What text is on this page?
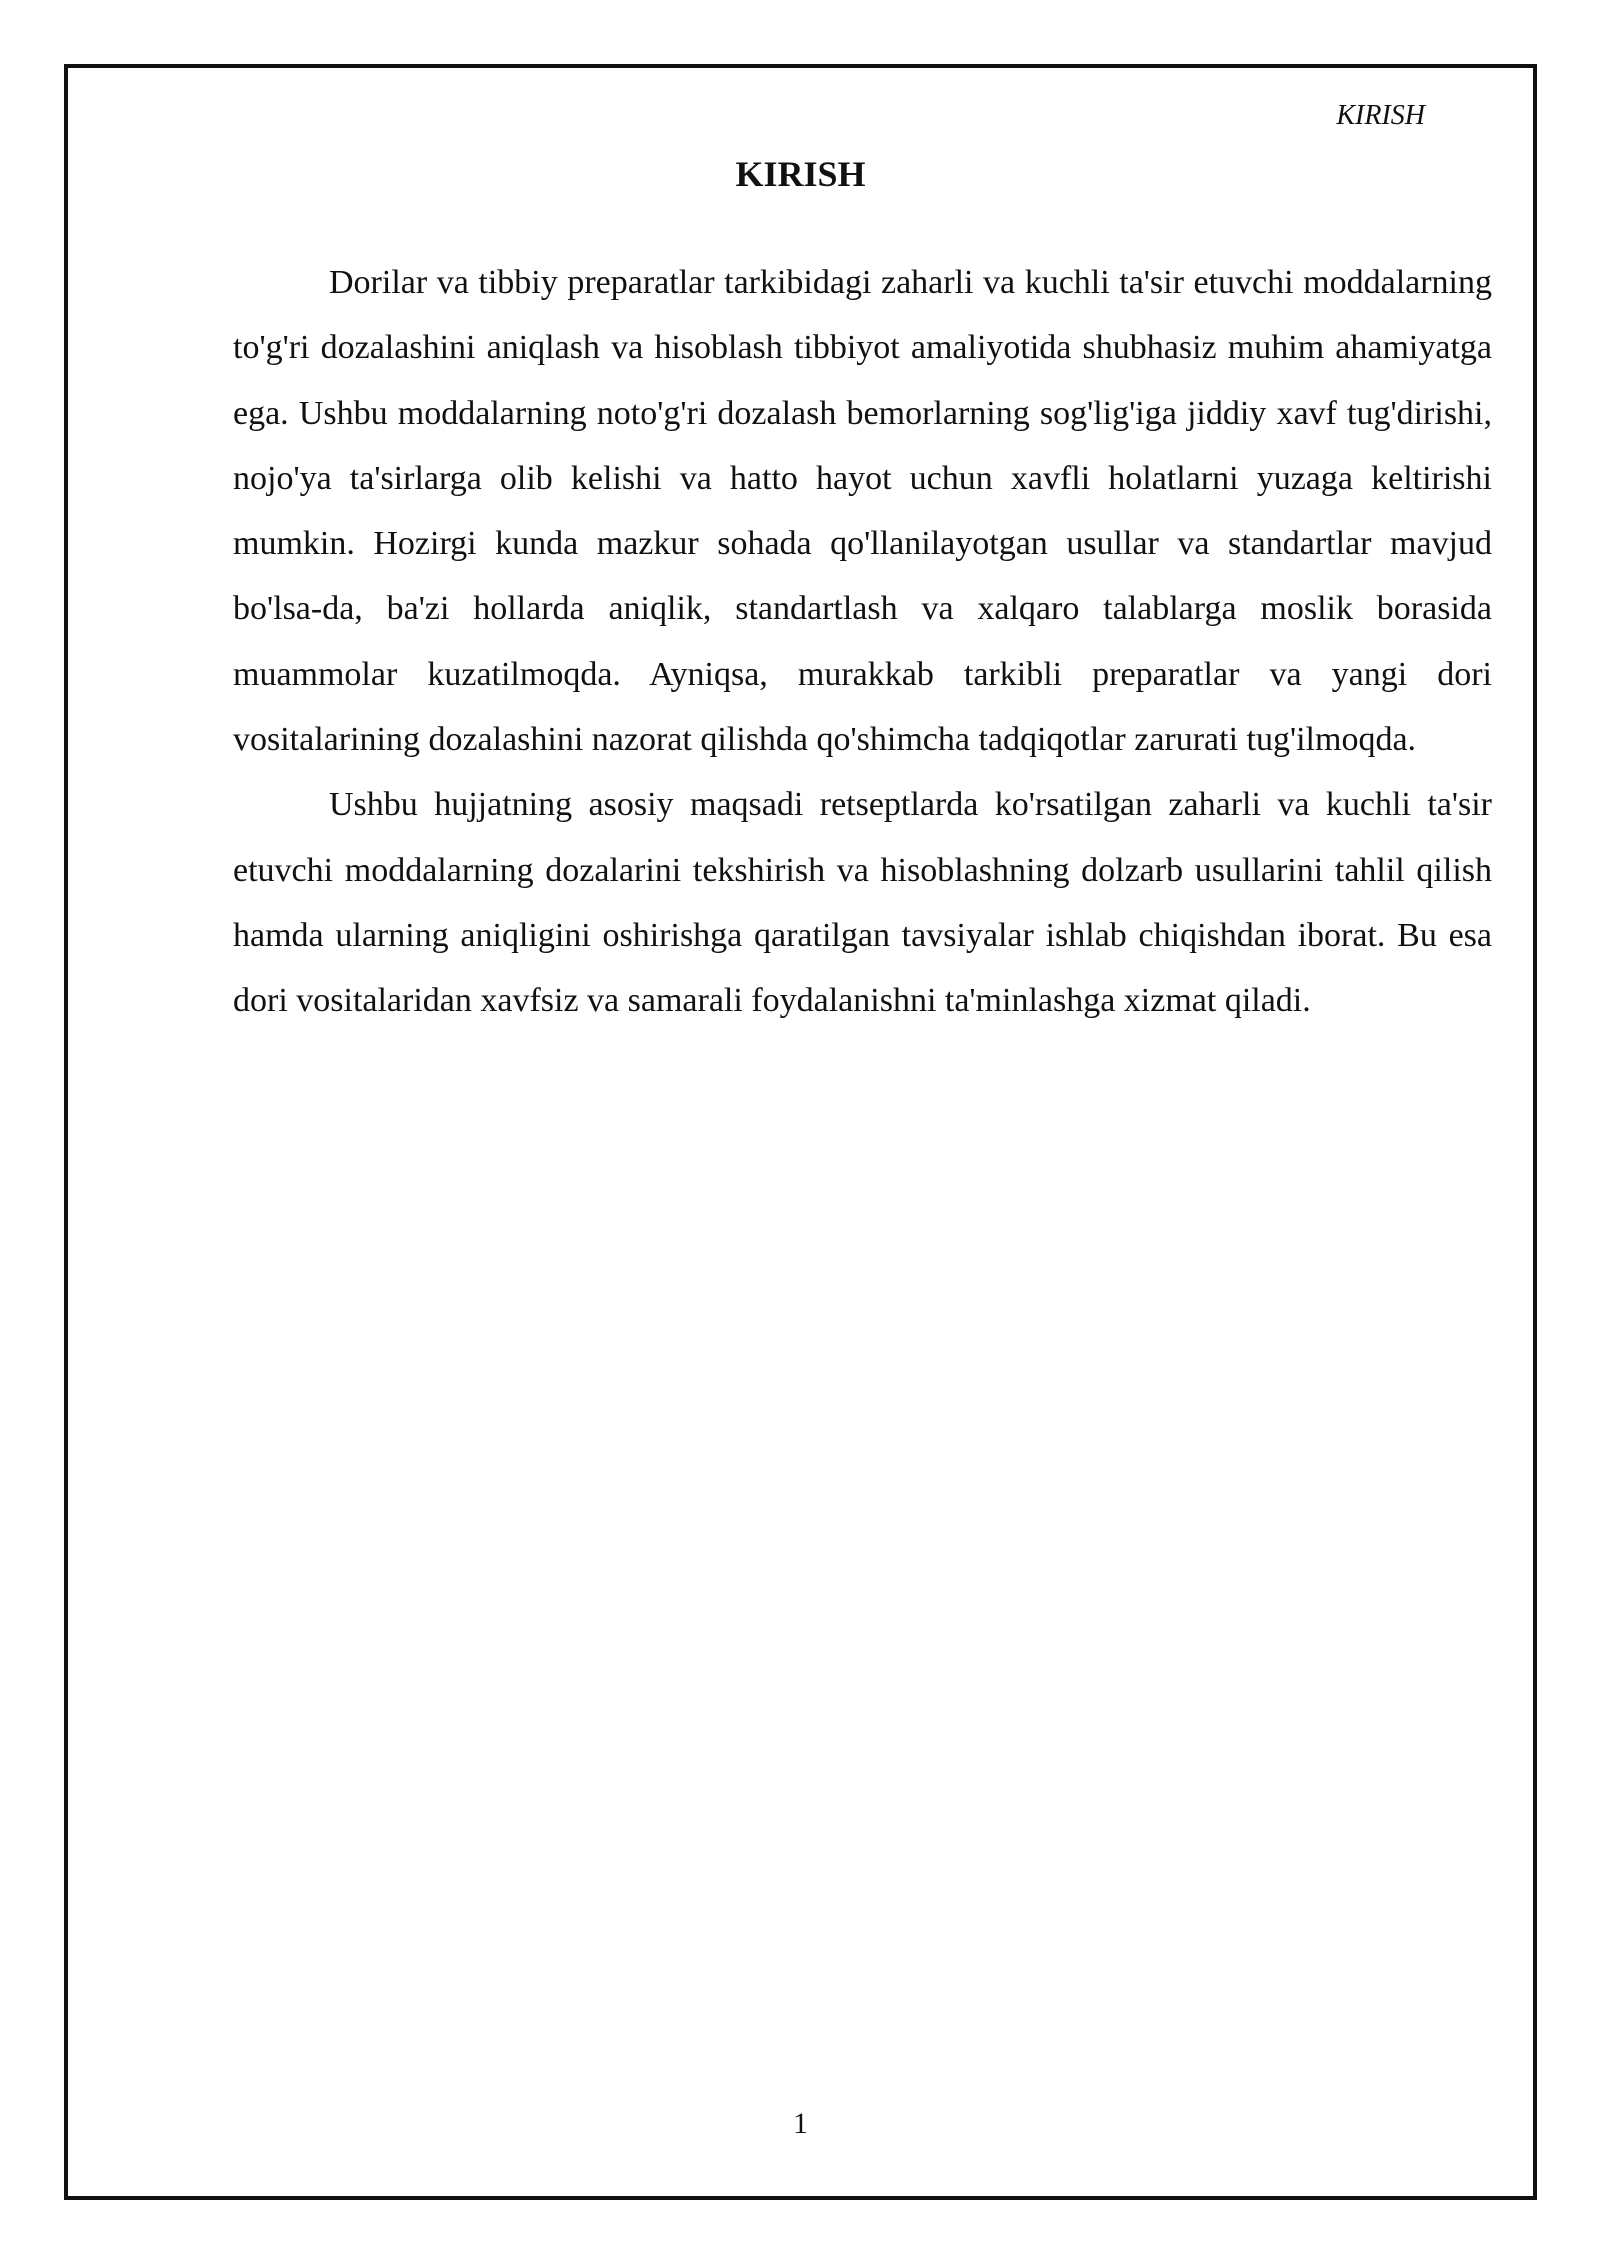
KIRISH
KIRISH

Dorilar va tibbiy preparatlar tarkibidagi zaharli va kuchli ta'sir etuvchi moddalarning to'g'ri dozalashini aniqlash va hisoblash tibbiyot amaliyotida shubhasiz muhim ahamiyatga ega. Ushbu moddalarning noto'g'ri dozalash bemorlarning sog'lig'iga jiddiy xavf tug'dirishi, nojo'ya ta'sirlarga olib kelishi va hatto hayot uchun xavfli holatlarni yuzaga keltirishi mumkin. Hozirgi kunda mazkur sohada qo'llanilayotgan usullar va standartlar mavjud bo'lsa-da, ba'zi hollarda aniqlik, standartlash va xalqaro talablarga moslik borasida muammolar kuzatilmoqda. Ayniqsa, murakkab tarkibli preparatlar va yangi dori vositalarining dozalashini nazorat qilishda qo'shimcha tadqiqotlar zarurati tug'ilmoqda.

Ushbu hujjatning asosiy maqsadi retseptlarda ko'rsatilgan zaharli va kuchli ta'sir etuvchi moddalarning dozalarini tekshirish va hisoblashning dolzarb usullarini tahlil qilish hamda ularning aniqligini oshirishga qaratilgan tavsiyalar ishlab chiqishdan iborat. Bu esa dori vositalaridan xavfsiz va samarali foydalanishni ta'minlashga xizmat qiladi.

1
